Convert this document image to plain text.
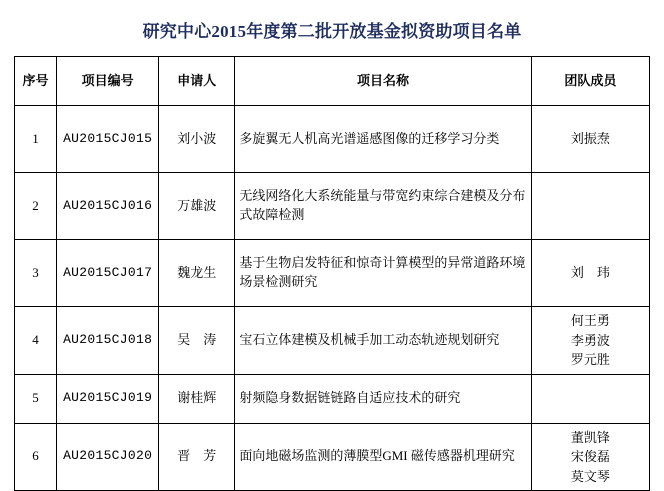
研究中心2015年度第二批开放基金拟资助项目名单
序号	项目编号	申请人	项目名称	团队成员
1	AU2015CJ015	刘小波	多旋翼无人机高光谱遥感图像的迁移学习分类	刘振焘

2	AU2015CJ016	万雄波	无线网络化大系统能量与带宽约束综合建模及分布式故障检测	

3	AU2015CJ017	魏龙生	基于生物启发特征和惊奇计算模型的异常道路环境场景检测研究	刘　玮

4	AU2015CJ018	吴　涛	宝石立体建模及机械手加工动态轨迹规划研究	何王勇
李勇波
罗元胜

5	AU2015CJ019	谢桂辉	射频隐身数据链链路自适应技术的研究	

6	AU2015CJ020	晋　芳	面向地磁场监测的薄膜型GMI 磁传感器机理研究	董凯锋
宋俊磊
莫文琴
